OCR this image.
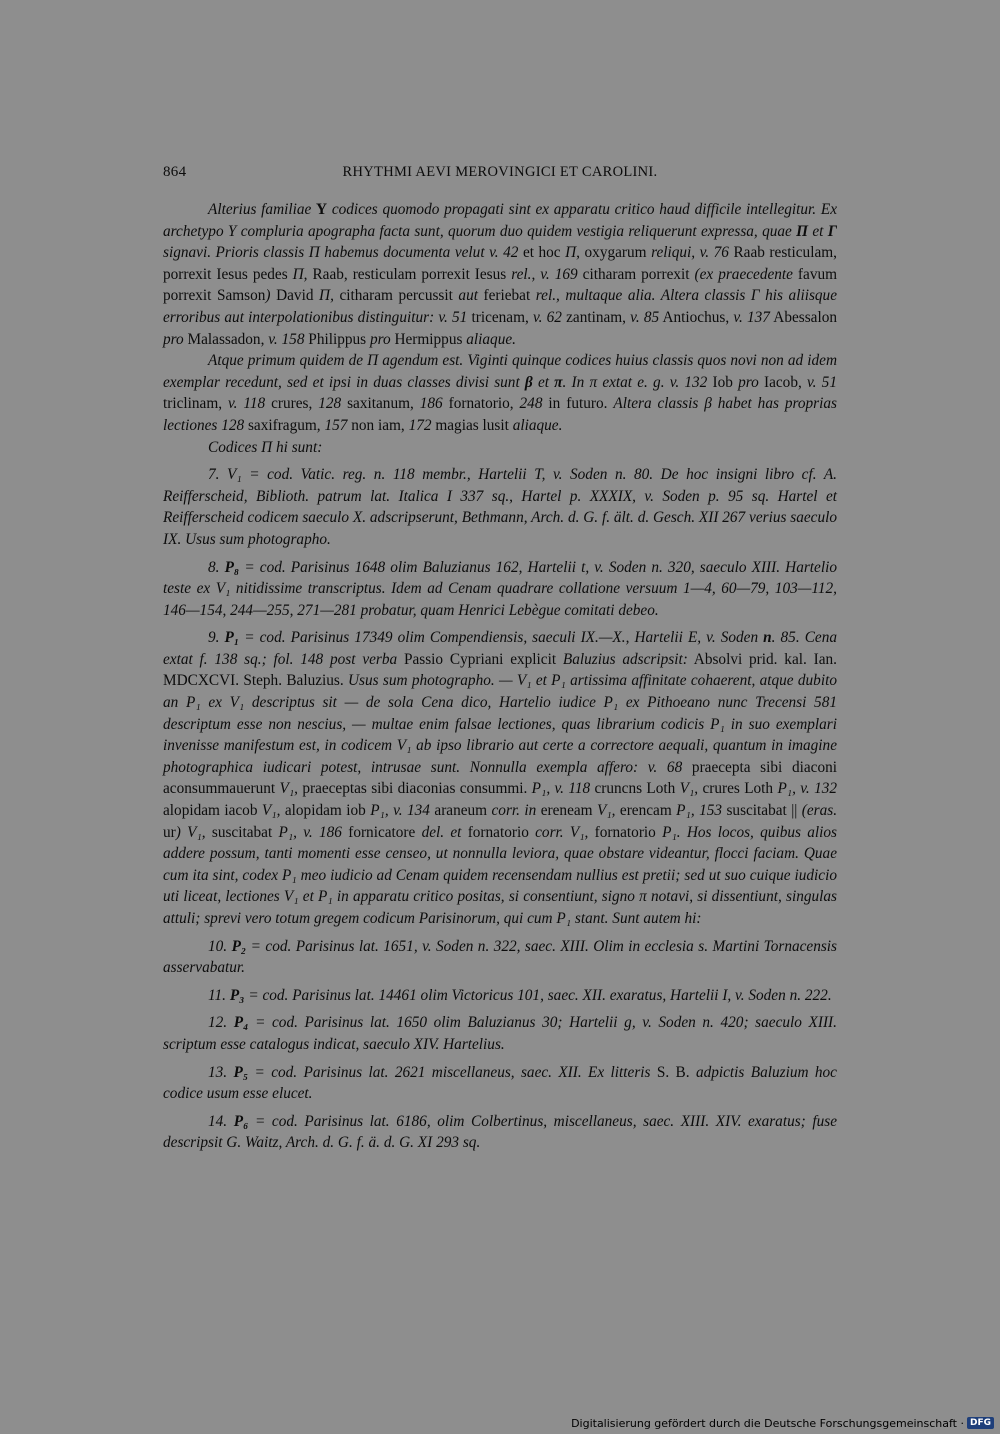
864	RHYTHMI AEVI MEROVINGICI ET CAROLINI.

Alterius familiae Y codices quomodo propagati sint ex apparatu critico haud difficile intellegitur. Ex archetypo Y compluria apographa facta sunt, quorum duo quidem vestigia reliquerunt expressa, quae Π et Γ signavi. Prioris classis Π habemus documenta velut v. 42 et hoc Π, oxygarum reliqui, v. 76 Raab resticulam, porrexit Iesus pedes Π, Raab, resticulam porrexit Iesus rel., v. 169 citharam porrexit (ex praecedente favum porrexit Samson) David Π, citharam percussit aut feriebat rel., multaque alia. Altera classis Γ his aliisque erroribus aut interpolationibus distinguitur: v. 51 tricenam, v. 62 zantinam, v. 85 Antiochus, v. 137 Abessalon pro Malassadon, v. 158 Philippus pro Hermippus aliaque.

Atque primum quidem de Π agendum est. Viginti quinque codices huius classis quos novi non ad idem exemplar recedunt, sed et ipsi in duas classes divisi sunt β et π. In π extat e. g. v. 132 Iob pro Iacob, v. 51 triclinam, v. 118 crures, 128 saxitanum, 186 fornatorio, 248 in futuro. Altera classis β habet has proprias lectiones 128 saxifragum, 157 non iam, 172 magias lusit aliaque.

Codices Π hi sunt:

7. V₁ = cod. Vatic. reg. n. 118 membr., Hartelii T, v. Soden n. 80. De hoc insigni libro cf. A. Reifferscheid, Biblioth. patrum lat. Italica I 337 sq., Hartel p. XXXIX, v. Soden p. 95 sq. Hartel et Reifferscheid codicem saeculo X. adscripserunt, Bethmann, Arch. d. G. f. ält. d. Gesch. XII 267 verius saeculo IX. Usus sum photographo.

8. P₈ = cod. Parisinus 1648 olim Baluzianus 162, Hartelii t, v. Soden n. 320, saeculo XIII. Hartelio teste ex V₁ nitidissime transcriptus. Idem ad Cenam quadrare collatione versuum 1—4, 60—79, 103—112, 146—154, 244—255, 271—281 probatur, quam Henrici Lebègue comitati debeo.

9. P₁ = cod. Parisinus 17349 olim Compendiensis, saeculi IX.—X., Hartelii E, v. Soden n. 85. Cena extat f. 138 sq.; fol. 148 post verba Passio Cypriani explicit Baluzius adscripsit: Absolvi prid. kal. Ian. MDCXCVI. Steph. Baluzius. Usus sum photographo. — V₁ et P₁ artissima affinitate cohaerent, atque dubito an P₁ ex V₁ descriptus sit — de sola Cena dico, Hartelio iudice P₁ ex Pithoeano nunc Trecensi 581 descriptum esse non nescius, — multae enim falsae lectiones, quas librarium codicis P₁ in suo exemplari invenisse manifestum est, in codicem V₁ ab ipso librario aut certe a correctore aequali, quantum in imagine photographica iudicari potest, intrusae sunt. Nonnulla exempla affero: v. 68 praecepta sibi diaconi aconsummauerunt V₁, praeceptas sibi diaconias consummi. P₁, v. 118 cruncns Loth V₁, crures Loth P₁, v. 132 alopidam iacob V₁, alopidam iob P₁, v. 134 araneum corr. in ereneam V₁, erencam P₁, 153 suscitabat || (eras. ur) V₁, suscitabat P₁, v. 186 fornicatore del. et fornatorio corr. V₁, fornatorio P₁. Hos locos, quibus alios addere possum, tanti momenti esse censeo, ut nonnulla leviora, quae obstare videantur, flocci faciam. Quae cum ita sint, codex P₁ meo iudicio ad Cenam quidem recensendam nullius est pretii; sed ut suo cuique iudicio uti liceat, lectiones V₁ et P₁ in apparatu critico positas, si consentiunt, signo π notavi, si dissentiunt, singulas attuli; sprevi vero totum gregem codicum Parisinorum, qui cum P₁ stant. Sunt autem hi:

10. P₂ = cod. Parisinus lat. 1651, v. Soden n. 322, saec. XIII. Olim in ecclesia s. Martini Tornacensis asservabatur.

11. P₃ = cod. Parisinus lat. 14461 olim Victoricus 101, saec. XII. exaratus, Hartelii I, v. Soden n. 222.

12. P₄ = cod. Parisinus lat. 1650 olim Baluzianus 30; Hartelii g, v. Soden n. 420; saeculo XIII. scriptum esse catalogus indicat, saeculo XIV. Hartelius.

13. P₅ = cod. Parisinus lat. 2621 miscellaneus, saec. XII. Ex litteris S. B. adpictis Baluzium hoc codice usum esse elucet.

14. P₆ = cod. Parisinus lat. 6186, olim Colbertinus, miscellaneus, saec. XIII. XIV. exaratus; fuse descripsit G. Waitz, Arch. d. G. f. ä. d. G. XI 293 sq.

Digitalisierung gefördert durch die Deutsche Forschungsgemeinschaft · DFG
